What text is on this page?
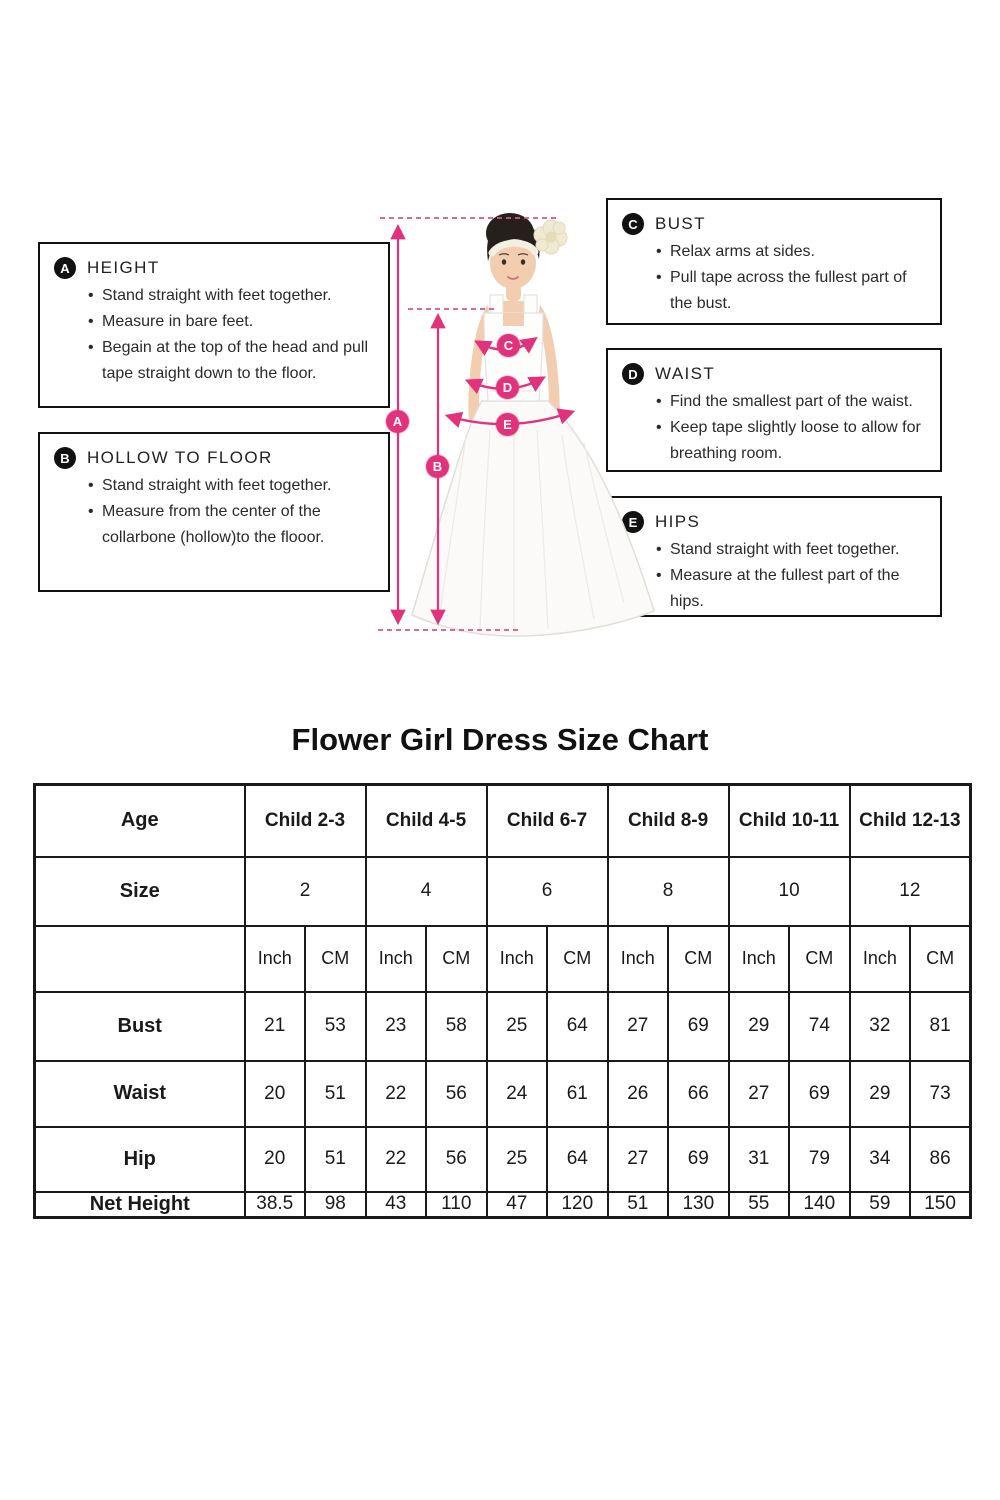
A	HEIGHT
• Stand straight with feet together.
• Measure in bare feet.
• Begain at the top of the head and pull tape straight down to the floor.
B	HOLLOW TO FLOOR
• Stand straight with feet together.
• Measure from the center of the collarbone (hollow)to the flooor.
C	BUST
• Relax arms at sides.
• Pull tape across the fullest part of the bust.
D	WAIST
• Find the smallest part of the waist.
• Keep tape slightly loose to allow for breathing room.
E	HIPS
• Stand straight with feet together.
• Measure at the fullest part of the hips.
A
B
C
D
E
Flower Girl Dress Size Chart
Age	Child 2-3		Child 4-5		Child 6-7		Child 8-9		Child 10-11		Child 12-13	
Size	2		4		6		8		10		12	
	Inch	CM	Inch	CM	Inch	CM	Inch	CM	Inch	CM	Inch	CM
Bust	21	53	23	58	25	64	27	69	29	74	32	81
Waist	20	51	22	56	24	61	26	66	27	69	29	73
Hip	20	51	22	56	25	64	27	69	31	79	34	86
Net Height	38.5	98	43	110	47	120	51	130	55	140	59	150
